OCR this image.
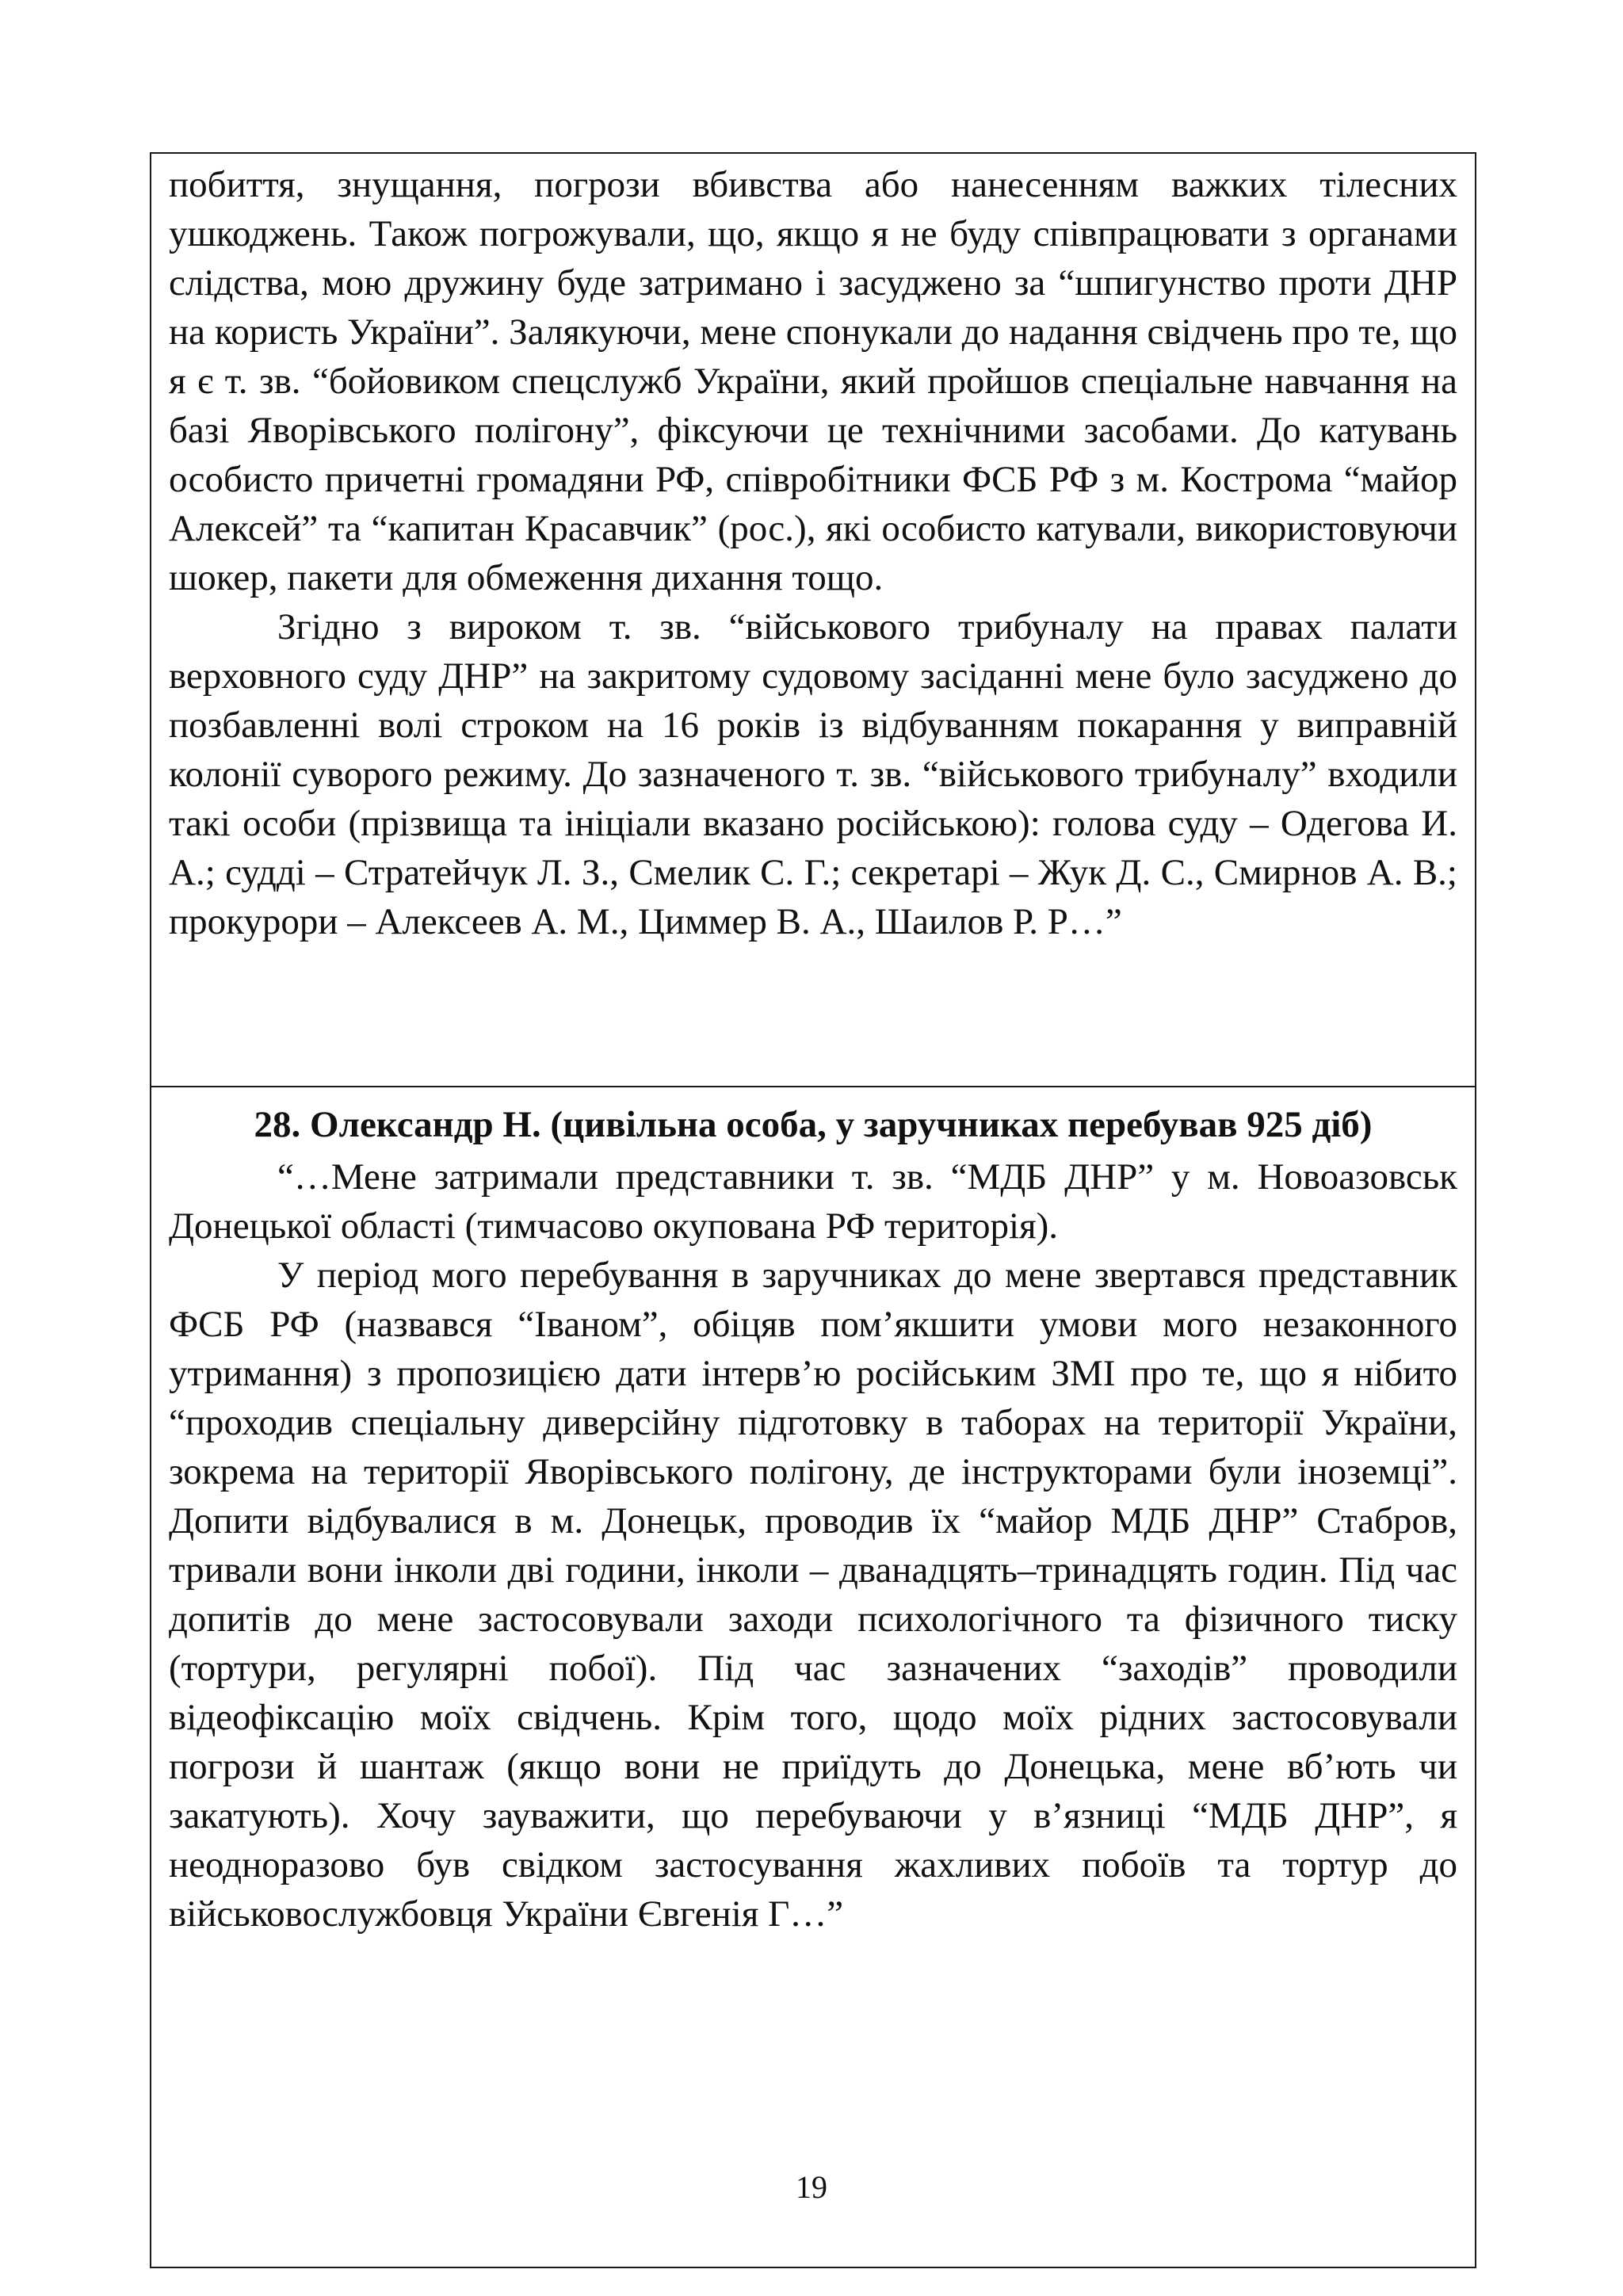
побиття, знущання, погрози вбивства або нанесенням важких тілесних ушкоджень. Також погрожували, що, якщо я не буду співпрацювати з органами слідства, мою дружину буде затримано і засуджено за “шпигунство проти ДНР на користь України”. Залякуючи, мене спонукали до надання свідчень про те, що я є т. зв. “бойовиком спецслужб України, який пройшов спеціальне навчання на базі Яворівського полігону”, фіксуючи це технічними засобами. До катувань особисто причетні громадяни РФ, співробітники ФСБ РФ з м. Кострома “майор Алексей” та “капитан Красавчик” (рос.), які особисто катували, використовуючи шокер, пакети для обмеження дихання тощо.

Згідно з вироком т. зв. “військового трибуналу на правах палати верховного суду ДНР” на закритому судовому засіданні мене було засуджено до позбавленні волі строком на 16 років із відбуванням покарання у виправній колонії суворого режиму. До зазначеного т. зв. “військового трибуналу” входили такі особи (прізвища та ініціали вказано російською): голова суду – Одегова И. А.; судді – Стратейчук Л. З., Смелик С. Г.; секретарі – Жук Д. С., Смирнов А. В.; прокурори – Алексеев А. М., Циммер В. А., Шаилов Р. Р…”

28. Олександр Н. (цивільна особа, у заручниках перебував 925 діб)

“…Мене затримали представники т. зв. “МДБ ДНР” у м. Новоазовськ Донецької області (тимчасово окупована РФ територія).

У період мого перебування в заручниках до мене звертався представник ФСБ РФ (назвався “Іваном”, обіцяв пом’якшити умови мого незаконного утримання) з пропозицією дати інтерв’ю російським ЗМІ про те, що я нібито “проходив спеціальну диверсійну підготовку в таборах на території України, зокрема на території Яворівського полігону, де інструкторами були іноземці”. Допити відбувалися в м. Донецьк, проводив їх “майор МДБ ДНР” Стабров, тривали вони інколи дві години, інколи – дванадцять–тринадцять годин. Під час допитів до мене застосовували заходи психологічного та фізичного тиску (тортури, регулярні побої). Під час зазначених “заходів” проводили відеофіксацію моїх свідчень. Крім того, щодо моїх рідних застосовували погрози й шантаж (якщо вони не приїдуть до Донецька, мене вб’ють чи закатують). Хочу зауважити, що перебуваючи у в’язниці “МДБ ДНР”, я неодноразово був свідком застосування жахливих побоїв та тортур до військовослужбовця України Євгенія Г…”

19
